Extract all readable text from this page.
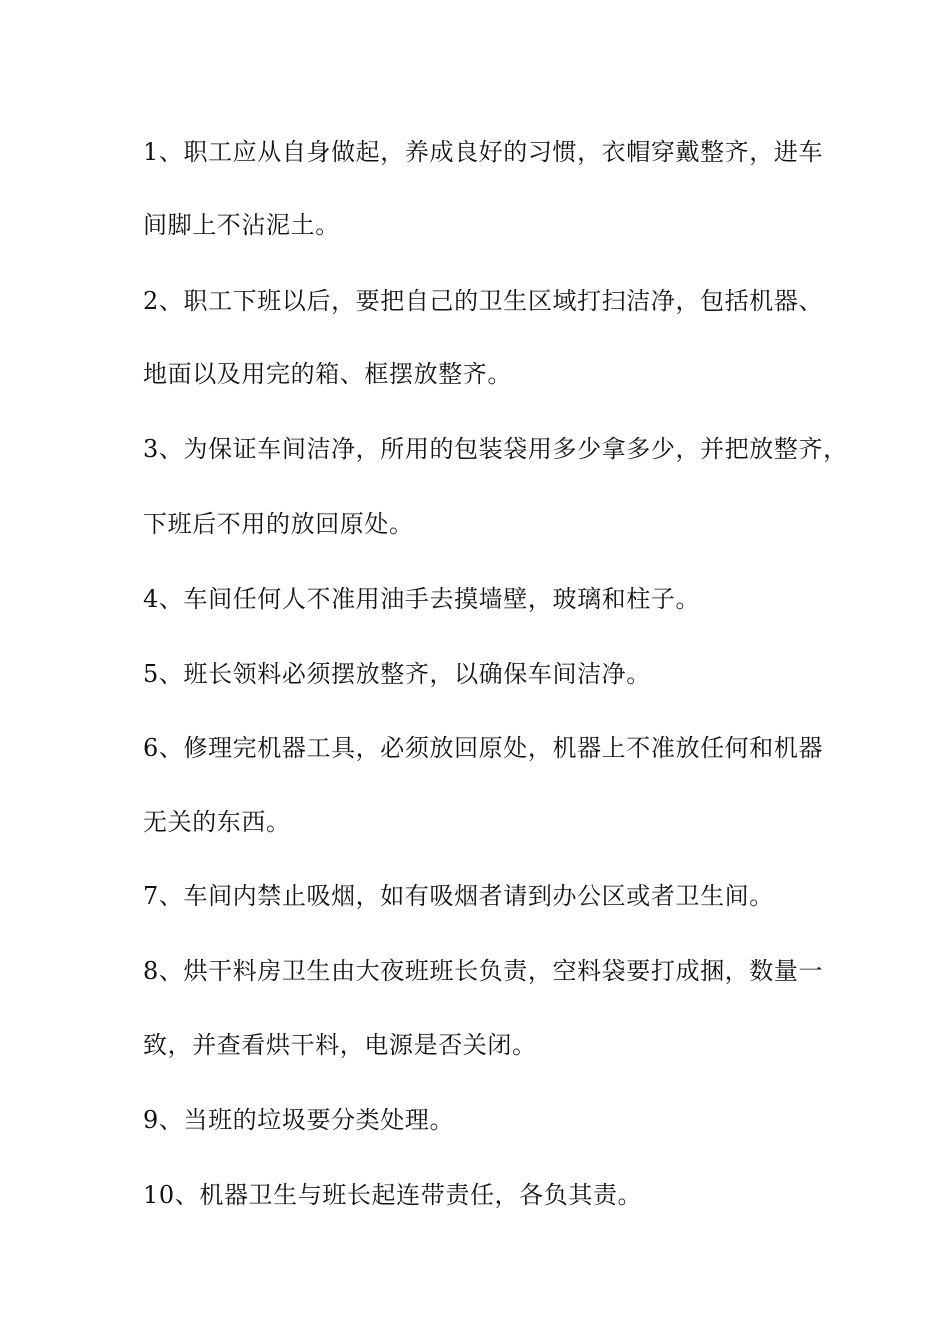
1、职工应从自身做起，养成良好的习惯，衣帽穿戴整齐，进车
间脚上不沾泥土。
2、职工下班以后，要把自己的卫生区域打扫洁净，包括机器、
地面以及用完的箱、框摆放整齐。
3、为保证车间洁净，所用的包装袋用多少拿多少，并把放整齐，
下班后不用的放回原处。
4、车间任何人不准用油手去摸墙壁，玻璃和柱子。
5、班长领料必须摆放整齐，以确保车间洁净。
6、修理完机器工具，必须放回原处，机器上不准放任何和机器
无关的东西。
7、车间内禁止吸烟，如有吸烟者请到办公区或者卫生间。
8、烘干料房卫生由大夜班班长负责，空料袋要打成捆，数量一
致，并查看烘干料，电源是否关闭。
9、当班的垃圾要分类处理。
10、机器卫生与班长起连带责任，各负其责。
